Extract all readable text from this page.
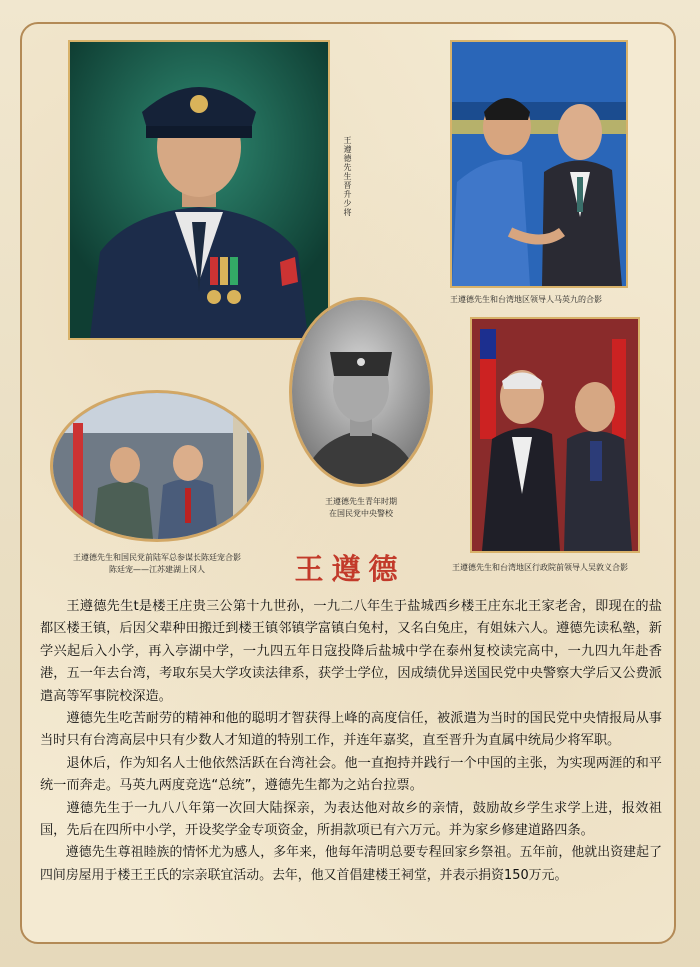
王遵德先生晋升少将
王遵德先生和台湾地区领导人马英九的合影
王遵德先生青年时期
在国民党中央警校
王遵德先生和国民党前陆军总参谋长陈廷宠合影
陈廷宠——江苏建湖上冈人	王遵德先生和台湾地区行政院前领导人吴敦义合影
王遵德

王遵德先生t是楼王庄贵三公第十九世孙，一九二八年生于盐城西乡楼王庄东北王家老舍，即现在的盐都区楼王镇，后因父辈种田搬迁到楼王镇邻镇学富镇白兔村，又名白兔庄，有姐妹六人。遵德先读私塾，新学兴起后入小学，再入亭湖中学，一九四五年日寇投降后盐城中学在泰州复校读完高中，一九四九年赴香港，五一年去台湾，考取东吴大学攻读法律系，获学士学位，因成绩优异送国民党中央警察大学后又公费派遣高等军事院校深造。

遵德先生吃苦耐劳的精神和他的聪明才智获得上峰的高度信任，被派遣为当时的国民党中央情报局从事当时只有台湾高层中只有少数人才知道的特别工作，并连年嘉奖，直至晋升为直属中统局少将军职。

退休后，作为知名人士他依然活跃在台湾社会。他一直抱持并践行一个中国的主张，为实现两涯的和平统一而奔走。马英九两度竞选“总统”，遵德先生都为之站台拉票。

遵德先生于一九八八年第一次回大陆探亲，为表达他对故乡的亲情，鼓励故乡学生求学上进，报效祖国，先后在四所中小学，开设奖学金专项资金，所捐款项已有六万元。并为家乡修建道路四条。

遵德先生尊祖睦族的情怀尤为感人，多年来，他每年清明总要专程回家乡祭祖。五年前，他就出资建起了四间房屋用于楼王王氏的宗亲联宜活动。去年，他又首倡建楼王祠堂，并表示捐资150万元。
